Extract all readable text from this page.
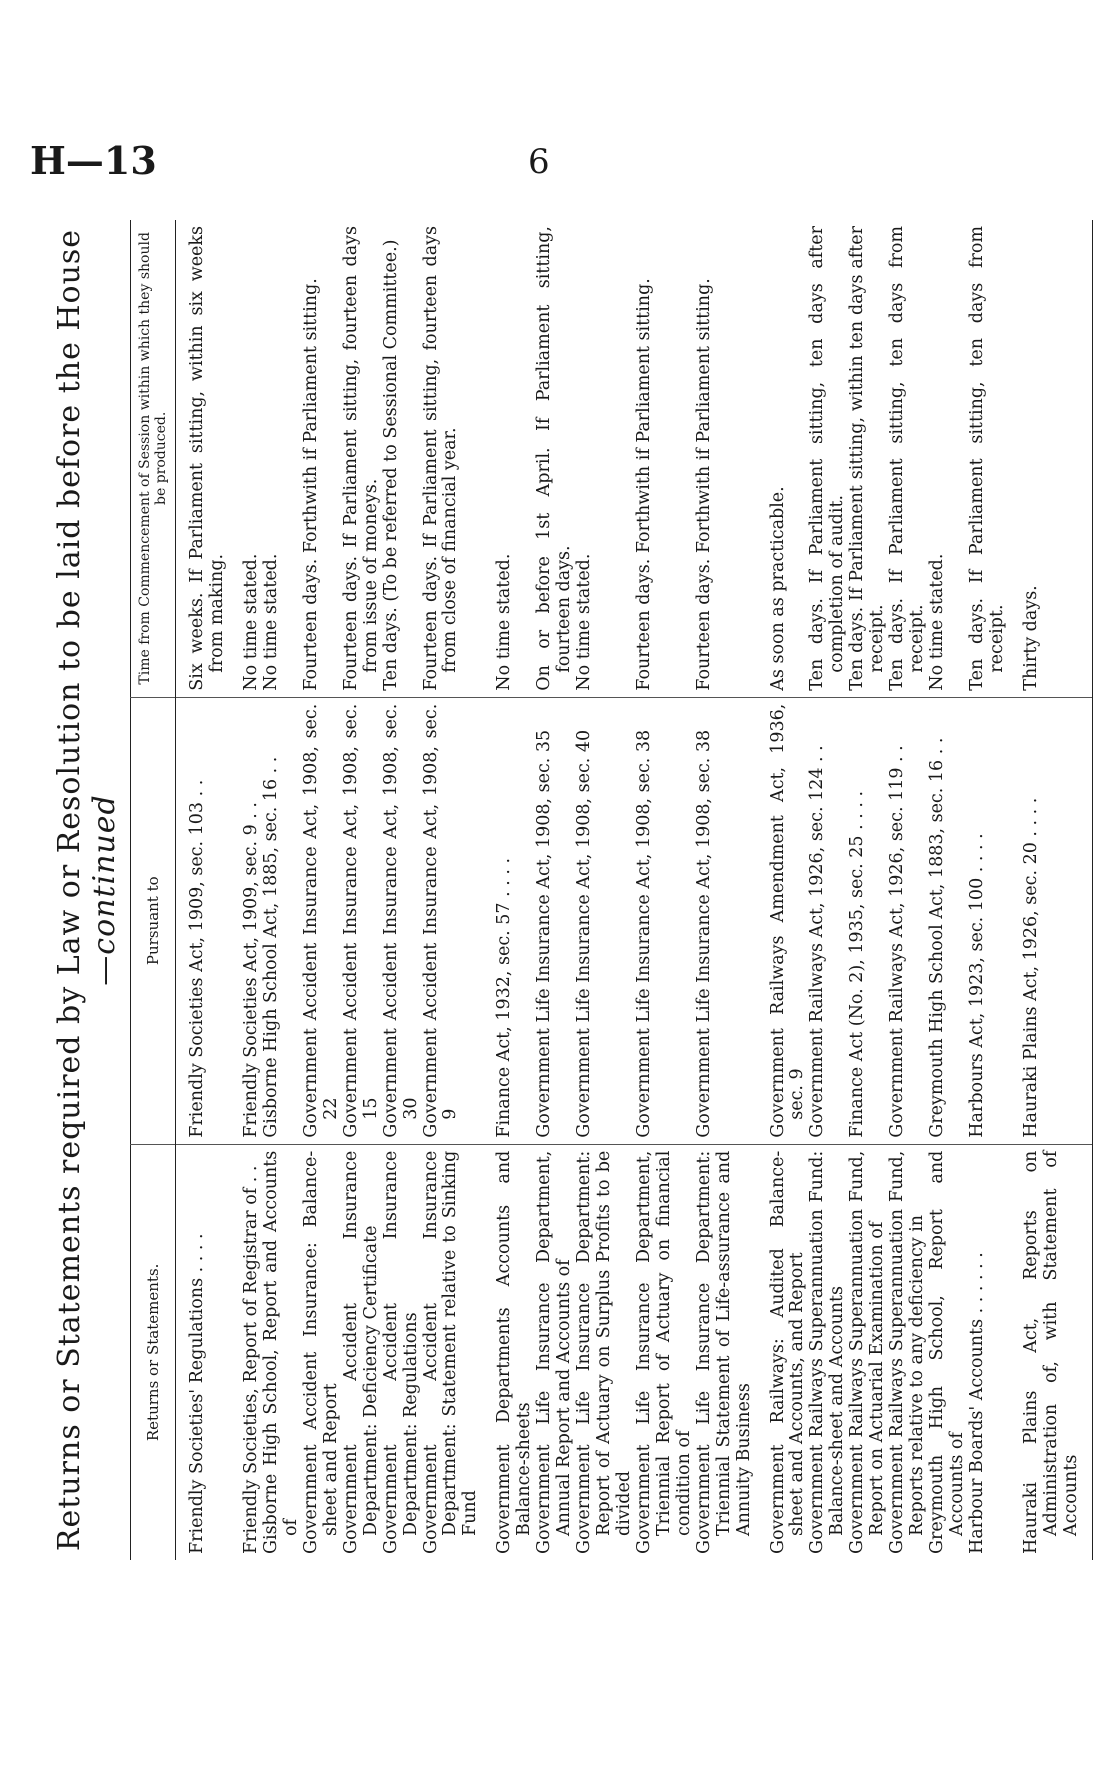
H—13	6
Returns or Statements required by Law or Resolution to be laid before the House—continued
Returns or Statements.	Pursuant to	Time from Commencement of Session within which they should be produced.

Friendly Societies' Regulations . . . .	Friendly Societies Act, 1909, sec. 103 . .	Six weeks. If Parliament sitting, within six weeks from making.

Friendly Societies, Report of Registrar of . .	Friendly Societies Act, 1909, sec. 9 . .	No time stated.

Gisborne High School, Report and Accounts of	Gisborne High School Act, 1885, sec. 16 . .	No time stated.

Government Accident Insurance: Balance-sheet and Report	Government Accident Insurance Act, 1908, sec. 22	Fourteen days. Forthwith if Parliament sitting.

Government Accident Insurance Department: Deficiency Certificate	Government Accident Insurance Act, 1908, sec. 15	Fourteen days. If Parliament sitting, fourteen days from issue of moneys.

Government Accident Insurance Department: Regulations	Government Accident Insurance Act, 1908, sec. 30	Ten days. (To be referred to Sessional Committee.)

Government Accident Insurance Department: Statement relative to Sinking Fund	Government Accident Insurance Act, 1908, sec. 9	Fourteen days. If Parliament sitting, fourteen days from close of financial year.

Government Departments Accounts and Balance-sheets	Finance Act, 1932, sec. 57 . . . .	No time stated.

Government Life Insurance Department, Annual Report and Accounts of	Government Life Insurance Act, 1908, sec. 35	On or before 1st April. If Parliament sitting, fourteen days.

Government Life Insurance Department: Report of Actuary on Surplus Profits to be divided	Government Life Insurance Act, 1908, sec. 40	No time stated.

Government Life Insurance Department, Triennial Report of Actuary on financial condition of	Government Life Insurance Act, 1908, sec. 38	Fourteen days. Forthwith if Parliament sitting.

Government Life Insurance Department: Triennial Statement of Life-assurance and Annuity Business	Government Life Insurance Act, 1908, sec. 38	Fourteen days. Forthwith if Parliament sitting.

Government Railways: Audited Balance-sheet and Accounts, and Report	Government Railways Amendment Act, 1936, sec. 9	As soon as practicable.

Government Railways Superannuation Fund: Balance-sheet and Accounts	Government Railways Act, 1926, sec. 124 . .	Ten days. If Parliament sitting, ten days after completion of audit.

Government Railways Superannuation Fund, Report on Actuarial Examination of	Finance Act (No. 2), 1935, sec. 25 . . . .	Ten days. If Parliament sitting, within ten days after receipt.

Government Railways Superannuation Fund, Reports relative to any deficiency in	Government Railways Act, 1926, sec. 119 . .	Ten days. If Parliament sitting, ten days from receipt.

Greymouth High School, Report and Accounts of	Greymouth High School Act, 1883, sec. 16 . .	No time stated.

Harbour Boards' Accounts . . . . . .	Harbours Act, 1923, sec. 100 . . . .	Ten days. If Parliament sitting, ten days from receipt.

Hauraki Plains Act, Reports on Administration of, with Statement of Accounts	Hauraki Plains Act, 1926, sec. 20 . . . .	Thirty days.
